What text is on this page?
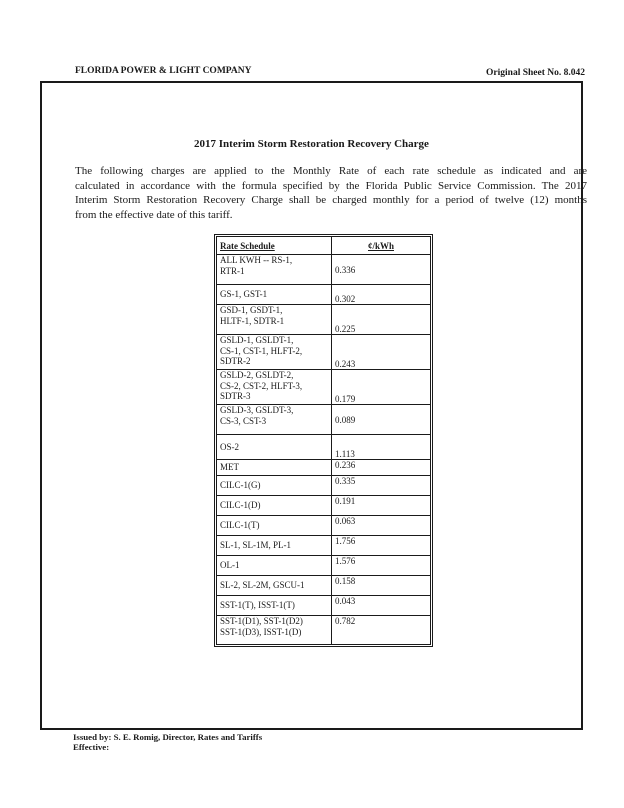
FLORIDA POWER & LIGHT COMPANY	Original Sheet No. 8.042
2017 Interim Storm Restoration Recovery Charge
The following charges are applied to the Monthly Rate of each rate schedule as indicated and are
calculated in accordance with the formula specified by the Florida Public Service Commission. The 2017
Interim Storm Restoration Recovery Charge shall be charged monthly for a period of twelve (12) months
from the effective date of this tariff.
Rate Schedule	¢/kWh

ALL KWH -- RS-1,
RTR-1	0.336

GS-1, GST-1	0.302

GSD-1, GSDT-1,
HLTF-1, SDTR-1	0.225

GSLD-1, GSLDT-1,
CS-1, CST-1, HLFT-2,
SDTR-2	0.243

GSLD-2, GSLDT-2,
CS-2, CST-2, HLFT-3,
SDTR-3	0.179

GSLD-3, GSLDT-3,
CS-3, CST-3	0.089

OS-2	1.113

MET	0.236

CILC-1(G)	0.335

CILC-1(D)	0.191

CILC-1(T)	0.063

SL-1, SL-1M, PL-1	1.756

OL-1	1.576

SL-2, SL-2M, GSCU-1	0.158

SST-1(T), ISST-1(T)	0.043

SST-1(D1), SST-1(D2)
SST-1(D3), ISST-1(D)	0.782
Issued by: S. E. Romig, Director, Rates and Tariffs
Effective:
